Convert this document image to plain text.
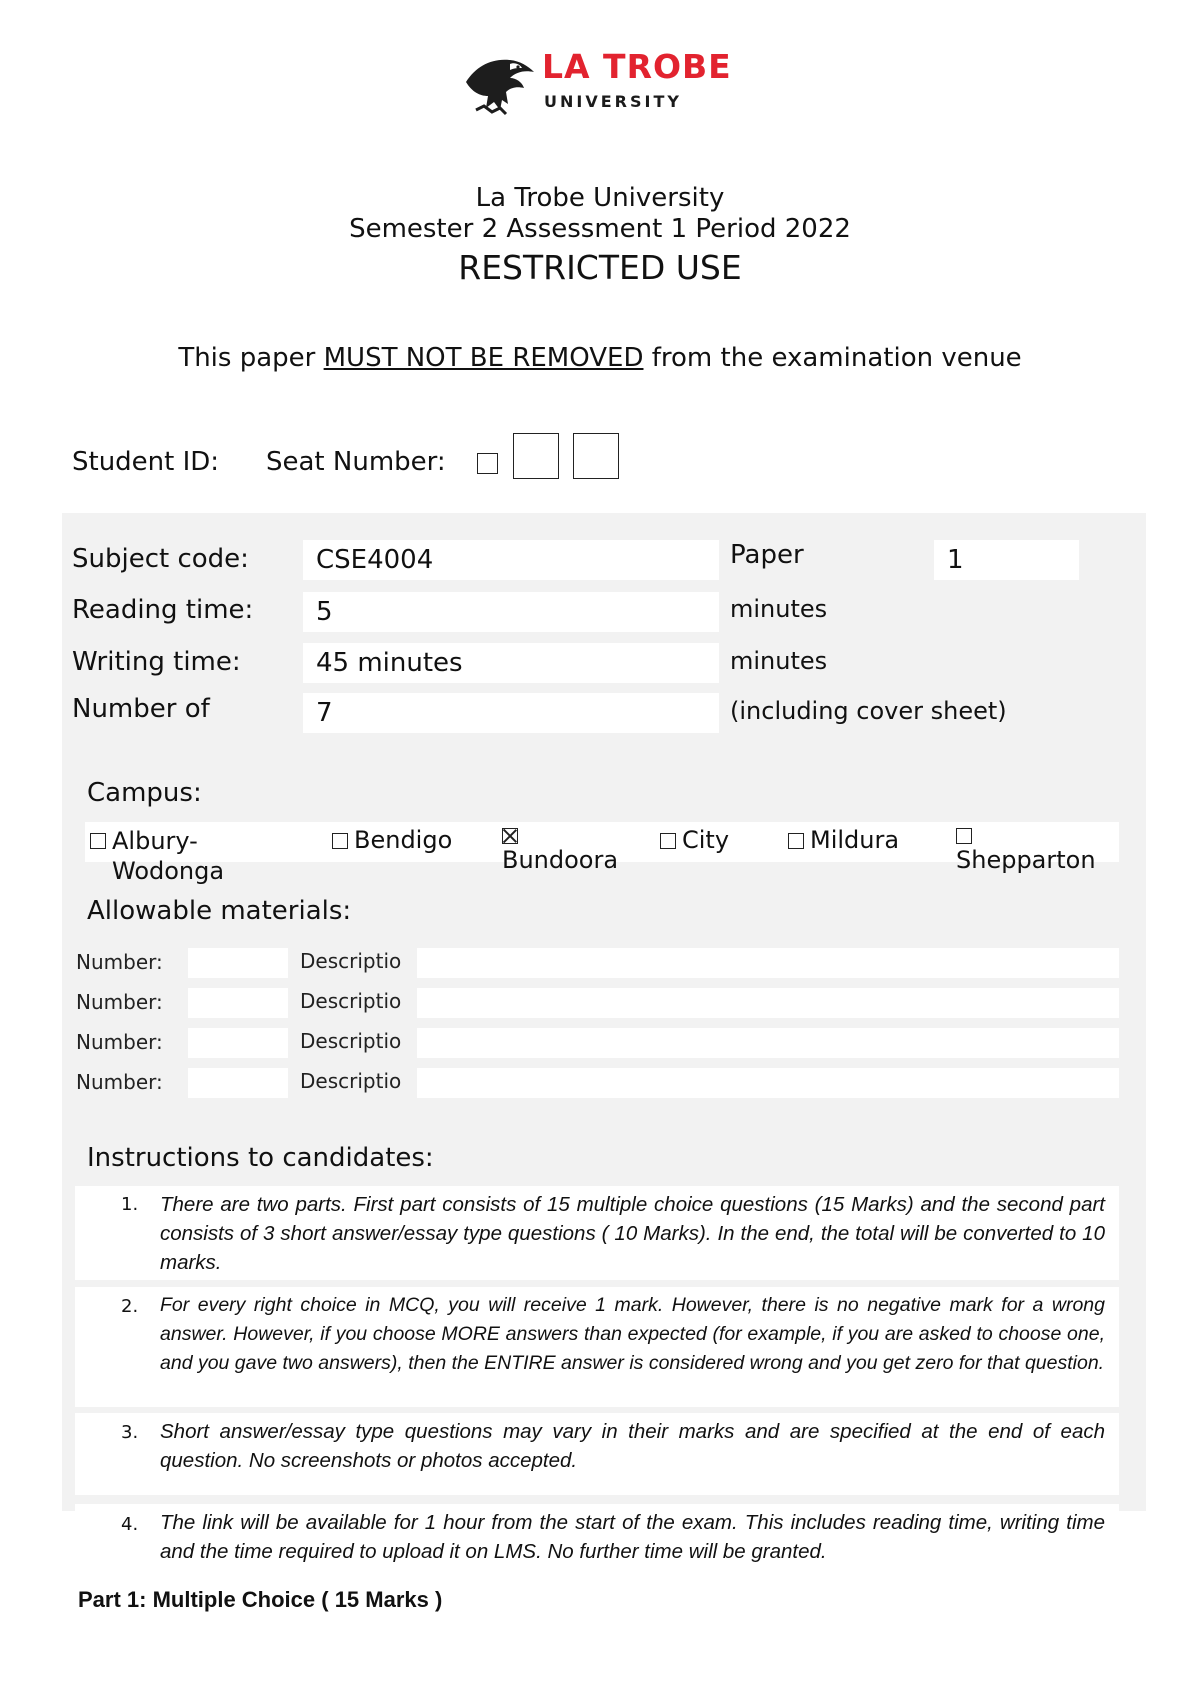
LA TROBE
UNIVERSITY
La Trobe University
Semester 2 Assessment 1 Period 2022
RESTRICTED USE
This paper MUST NOT BE REMOVED from the examination venue
Student ID: Seat Number:
Subject code:	CSE4004	Paper	1
Reading time:	5	minutes
Writing time:	45 minutes	minutes
Number of	7	(including cover sheet)
Campus:
Albury-Wodonga
Bendigo
Bundoora
City	Mildura
Shepparton
Allowable materials:
Number:	Descriptio
Number:	Descriptio
Number:	Descriptio
Number:	Descriptio
Instructions to candidates:
1. There are two parts. First part consists of 15 multiple choice questions (15 Marks) and the second part consists of 3 short answer/essay type questions ( 10 Marks). In the end, the total will be converted to 10 marks.
2. For every right choice in MCQ, you will receive 1 mark. However, there is no negative mark for a wrong answer. However, if you choose MORE answers than expected (for example, if you are asked to choose one, and you gave two answers), then the ENTIRE answer is considered wrong and you get zero for that question.
3. Short answer/essay type questions may vary in their marks and are specified at the end of each question. No screenshots or photos accepted.
4. The link will be available for 1 hour from the start of the exam. This includes reading time, writing time and the time required to upload it on LMS. No further time will be granted.
Part 1: Multiple Choice ( 15 Marks )
